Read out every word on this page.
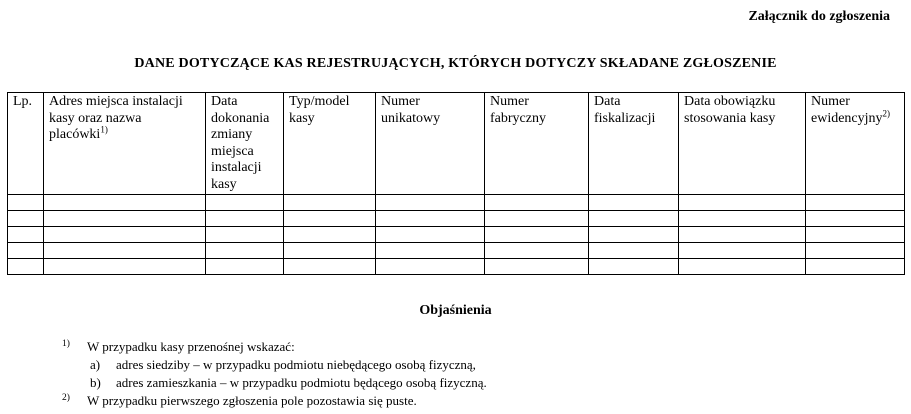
Załącznik do zgłoszenia
DANE DOTYCZĄCE KAS REJESTRUJĄCYCH, KTÓRYCH DOTYCZY SKŁADANE ZGŁOSZENIE
Lp.	Adres miejsca instalacji kasy oraz nazwa placówki$^{1)}$	Data dokonania zmiany miejsca instalacji kasy	Typ/model kasy	Numer unikatowy	Numer fabryczny	Data fiskalizacji	Data obowiązku stosowania kasy	Numer ewidencyjny$^{2)}$

Objaśnienia
1)	W przypadku kasy przenośnej wskazać:
a)	adres siedziby – w przypadku podmiotu niebędącego osobą fizyczną,
b)	adres zamieszkania – w przypadku podmiotu będącego osobą fizyczną.
2)	W przypadku pierwszego zgłoszenia pole pozostawia się puste.
